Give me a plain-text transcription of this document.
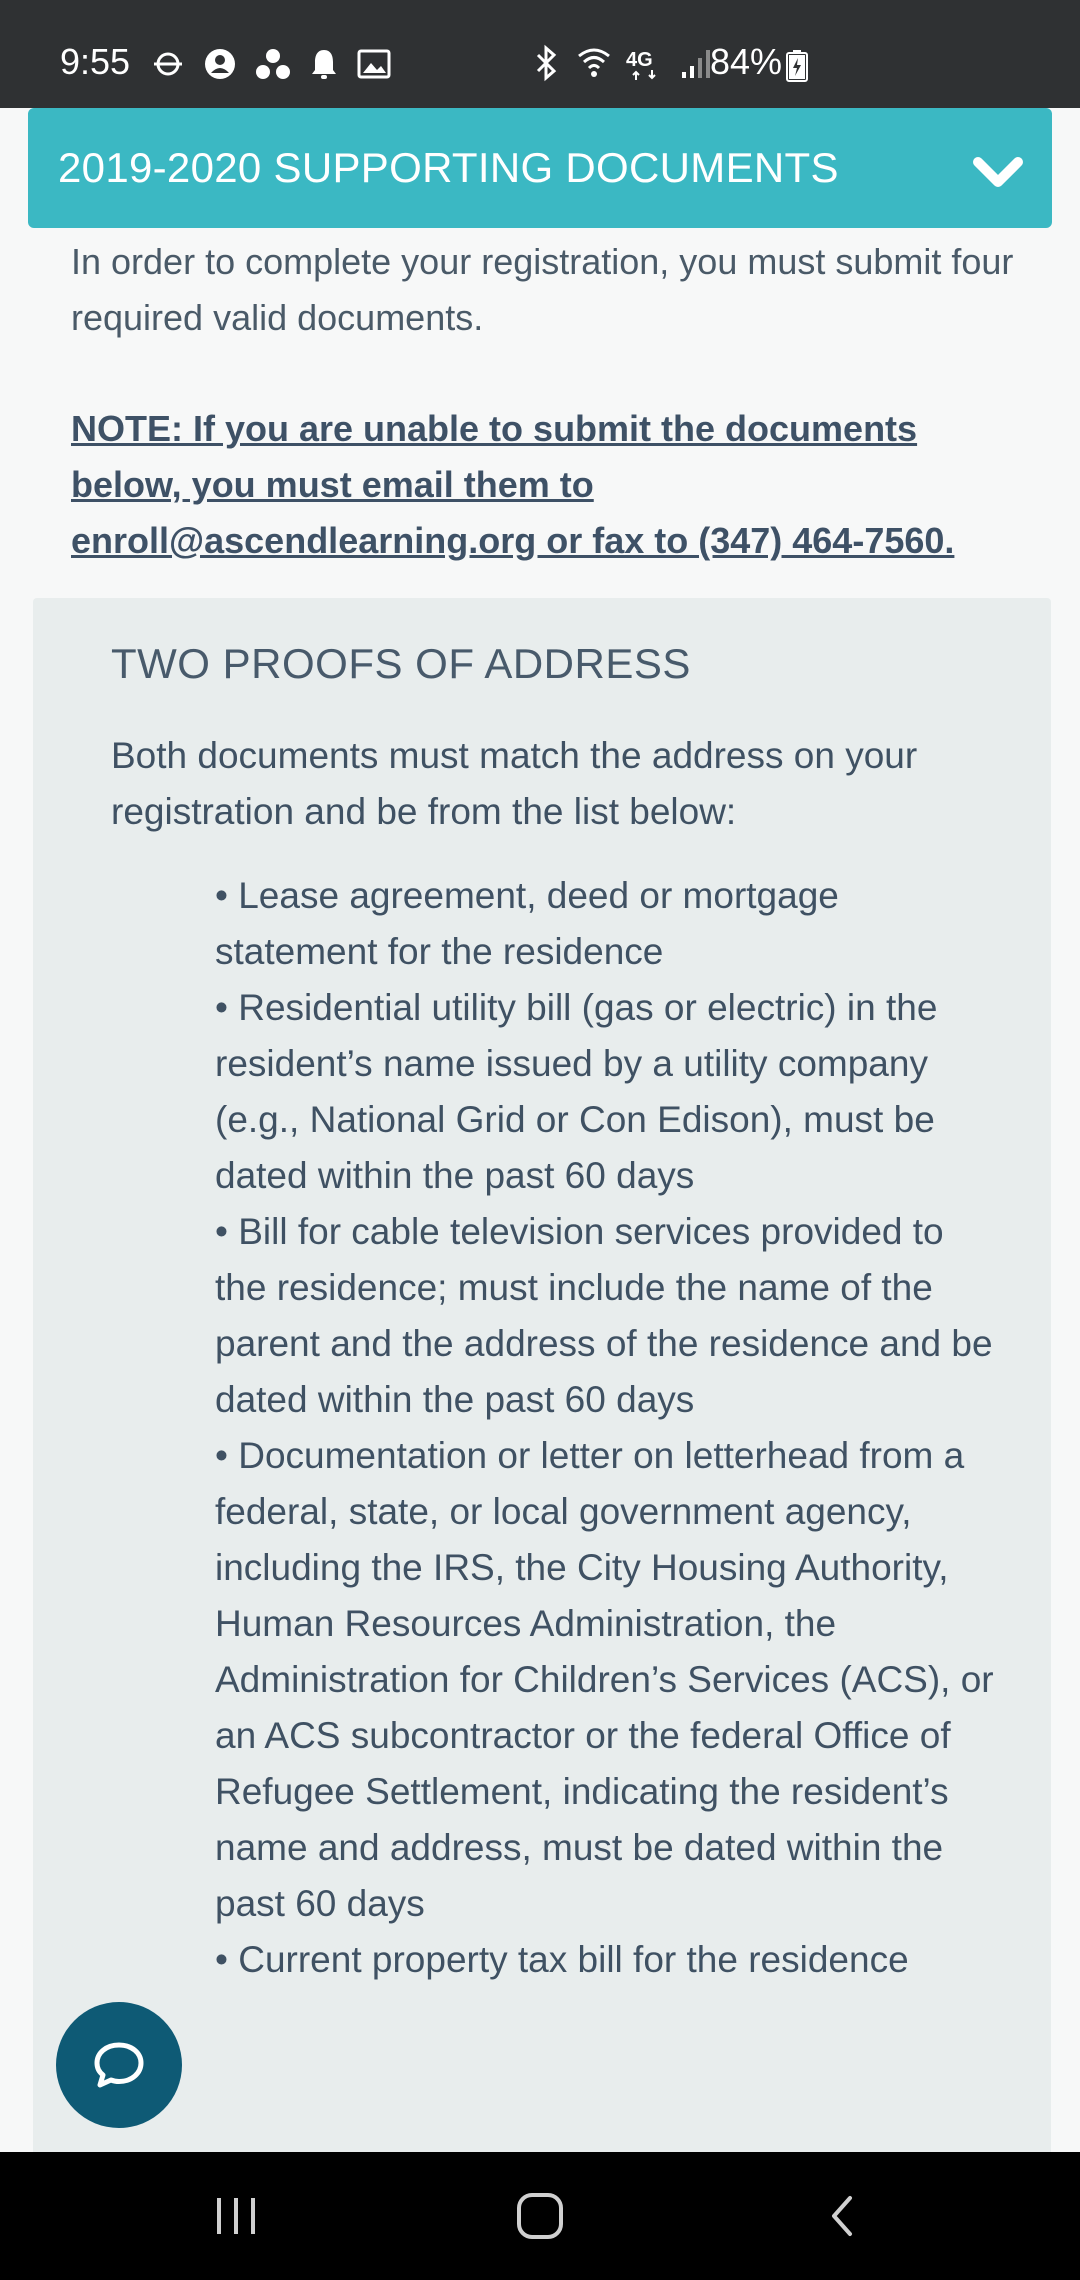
9:55	4G 84%
2019-2020 SUPPORTING DOCUMENTS
In order to complete your registration, you must submit four required valid documents.
NOTE: If you are unable to submit the documents below, you must email them to enroll@ascendlearning.org or fax to (347) 464-7560.
TWO PROOFS OF ADDRESS
Both documents must match the address on your registration and be from the list below:

• Lease agreement, deed or mortgage statement for the residence

• Residential utility bill (gas or electric) in the resident’s name issued by a utility company (e.g., National Grid or Con Edison), must be dated within the past 60 days

• Bill for cable television services provided to the residence; must include the name of the parent and the address of the residence and be dated within the past 60 days

• Documentation or letter on letterhead from a federal, state, or local government agency, including the IRS, the City Housing Authority, Human Resources Administration, the Administration for Children’s Services (ACS), or an ACS subcontractor or the federal Office of Refugee Settlement, indicating the resident’s name and address, must be dated within the past 60 days

• Current property tax bill for the residence
